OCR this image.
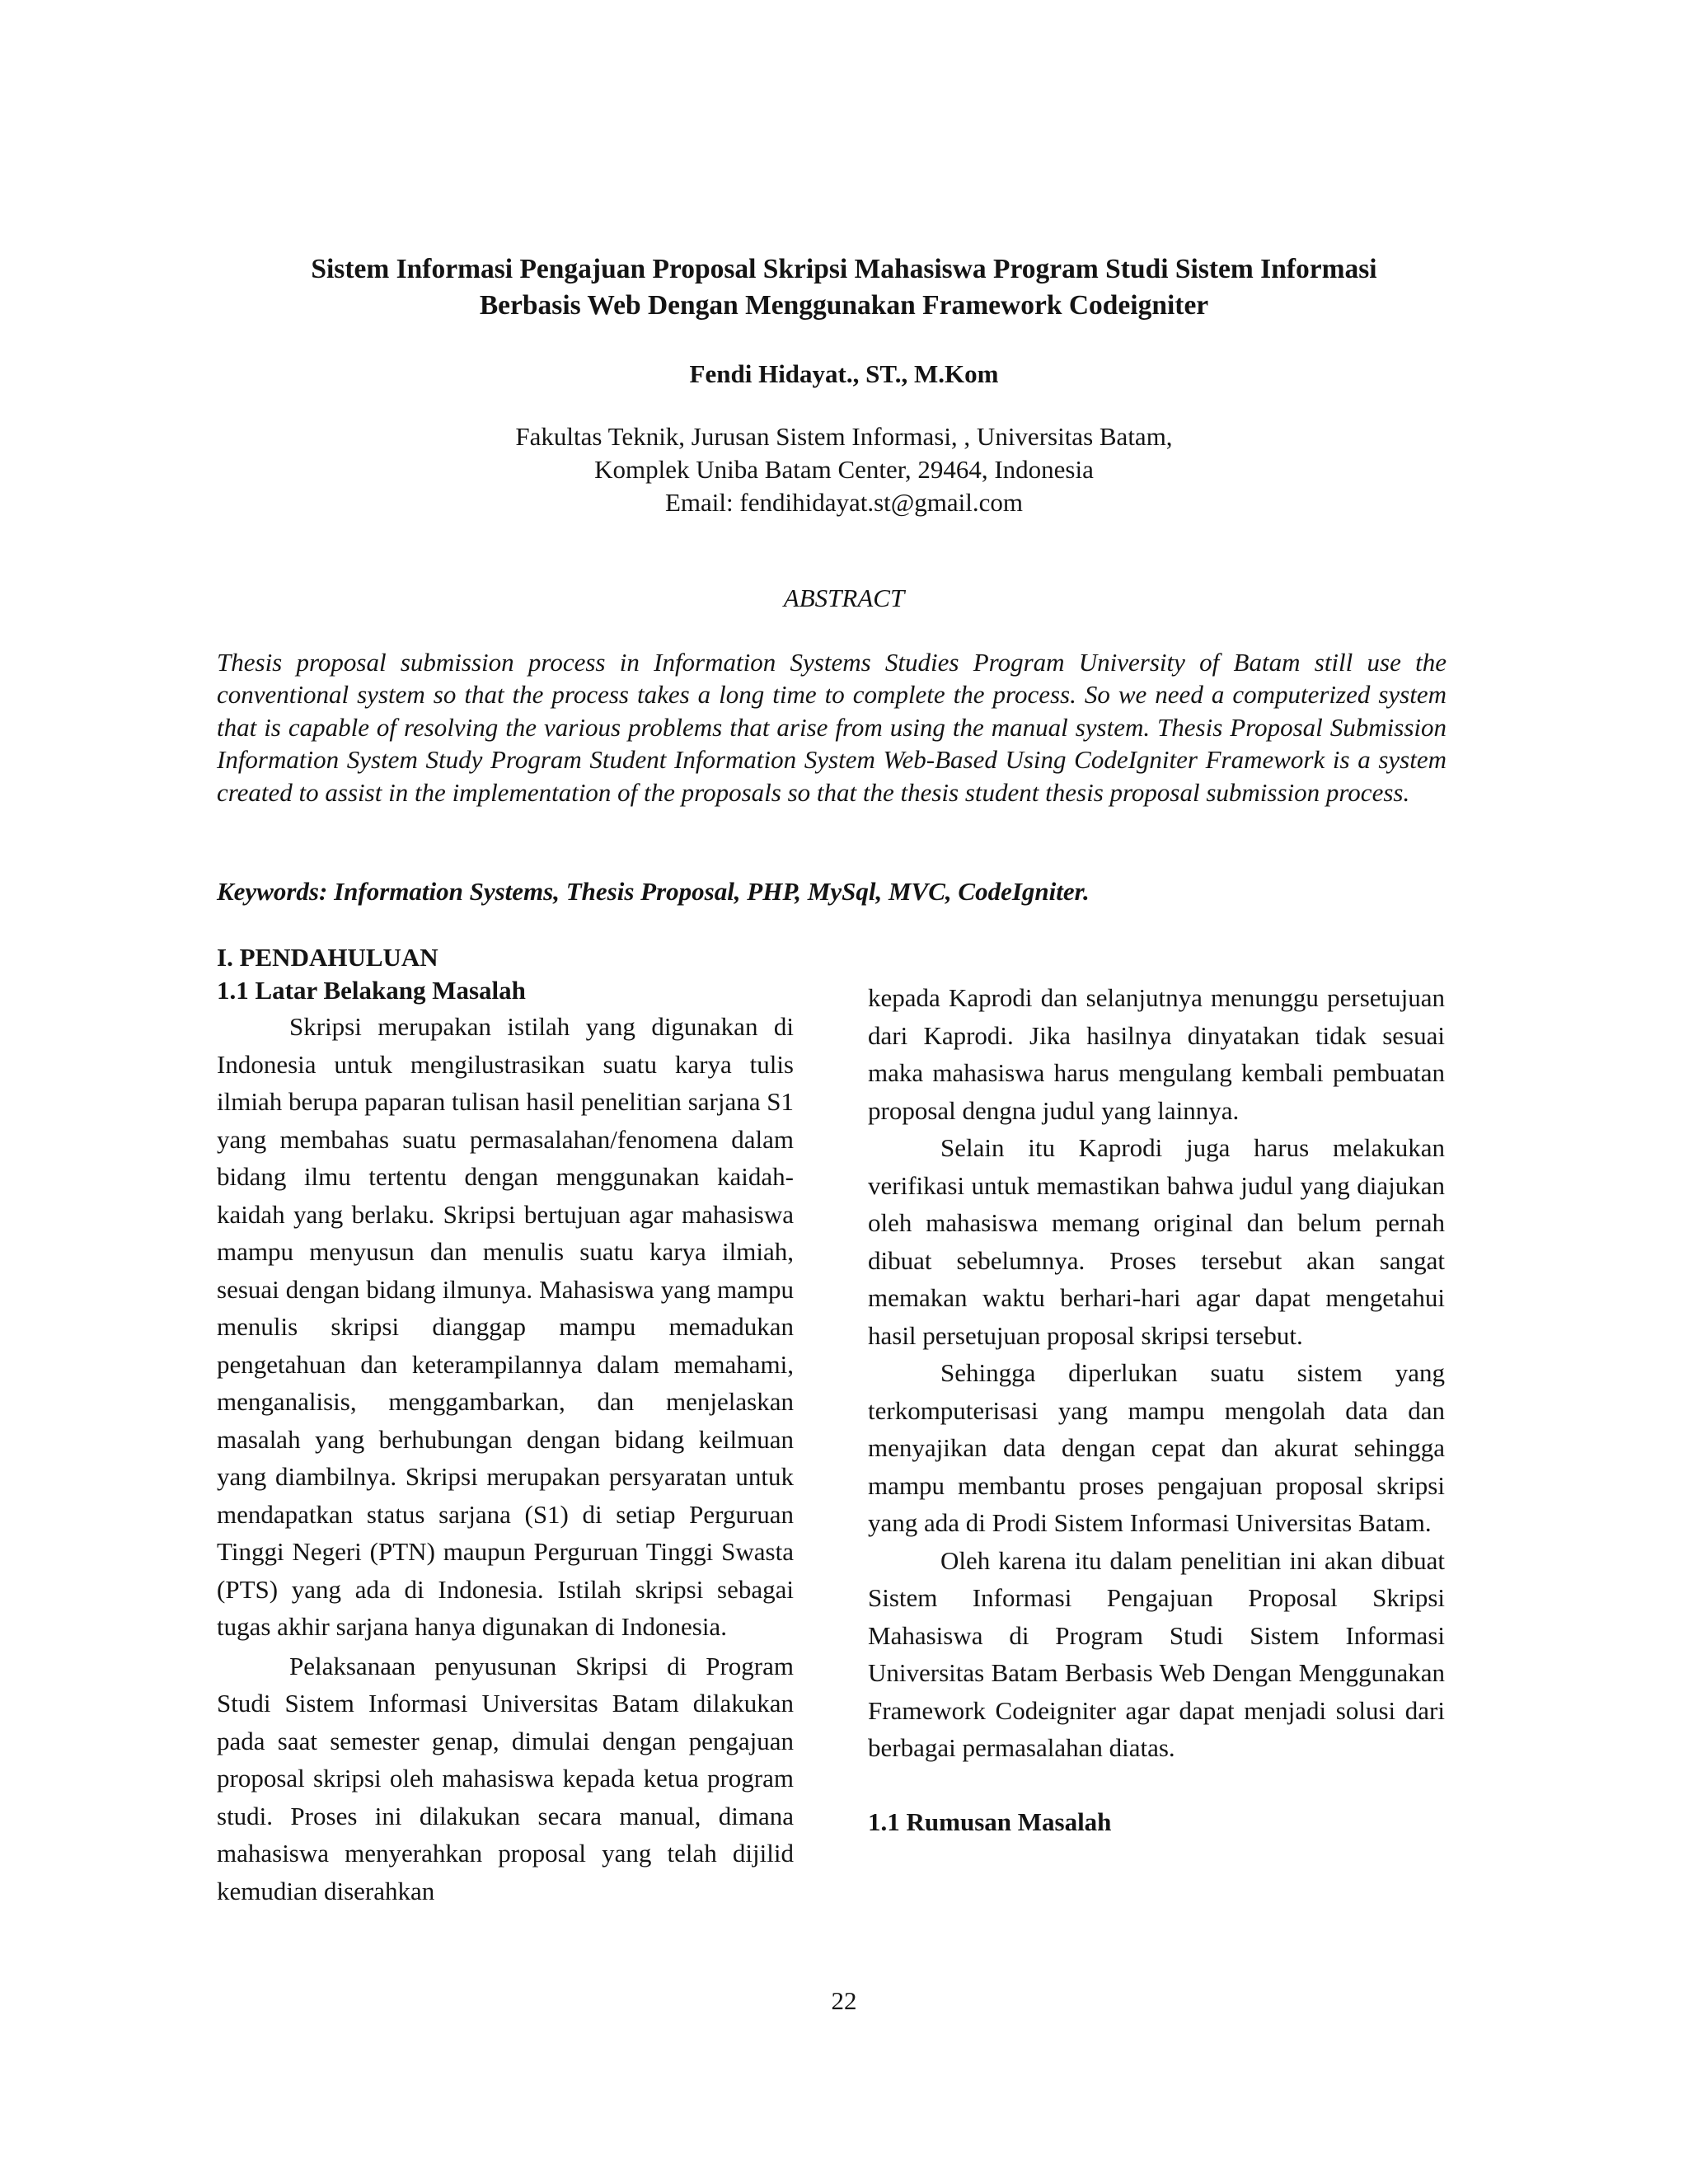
Sistem Informasi Pengajuan Proposal Skripsi Mahasiswa Program Studi Sistem Informasi
Berbasis Web Dengan Menggunakan Framework Codeigniter

Fendi Hidayat., ST., M.Kom

Fakultas Teknik, Jurusan Sistem Informasi, , Universitas Batam,
Komplek Uniba Batam Center, 29464, Indonesia
Email: fendihidayat.st@gmail.com

ABSTRACT

Thesis proposal submission process in Information Systems Studies Program University of Batam still use the conventional system so that the process takes a long time to complete the process. So we need a computerized system that is capable of resolving the various problems that arise from using the manual system. Thesis Proposal Submission Information System Study Program Student Information System Web-Based Using CodeIgniter Framework is a system created to assist in the implementation of the proposals so that the thesis student thesis proposal submission process.

Keywords: Information Systems, Thesis Proposal, PHP, MySql, MVC, CodeIgniter.

I. PENDAHULUAN

1.1 Latar Belakang Masalah

Skripsi merupakan istilah yang digunakan di Indonesia untuk mengilustrasikan suatu karya tulis ilmiah berupa paparan tulisan hasil penelitian sarjana S1 yang membahas suatu permasalahan/fenomena dalam bidang ilmu tertentu dengan menggunakan kaidah-kaidah yang berlaku. Skripsi bertujuan agar mahasiswa mampu menyusun dan menulis suatu karya ilmiah, sesuai dengan bidang ilmunya. Mahasiswa yang mampu menulis skripsi dianggap mampu memadukan pengetahuan dan keterampilannya dalam memahami, menganalisis, menggambarkan, dan menjelaskan masalah yang berhubungan dengan bidang keilmuan yang diambilnya. Skripsi merupakan persyaratan untuk mendapatkan status sarjana (S1) di setiap Perguruan Tinggi Negeri (PTN) maupun Perguruan Tinggi Swasta (PTS) yang ada di Indonesia. Istilah skripsi sebagai tugas akhir sarjana hanya digunakan di Indonesia.

Pelaksanaan penyusunan Skripsi di Program Studi Sistem Informasi Universitas Batam dilakukan pada saat semester genap, dimulai dengan pengajuan proposal skripsi oleh mahasiswa kepada ketua program studi. Proses ini dilakukan secara manual, dimana mahasiswa menyerahkan proposal yang telah dijilid kemudian diserahkan

kepada Kaprodi dan selanjutnya menunggu persetujuan dari Kaprodi. Jika hasilnya dinyatakan tidak sesuai maka mahasiswa harus mengulang kembali pembuatan proposal dengna judul yang lainnya.

Selain itu Kaprodi juga harus melakukan verifikasi untuk memastikan bahwa judul yang diajukan oleh mahasiswa memang original dan belum pernah dibuat sebelumnya. Proses tersebut akan sangat memakan waktu berhari-hari agar dapat mengetahui hasil persetujuan proposal skripsi tersebut.

Sehingga diperlukan suatu sistem yang terkomputerisasi yang mampu mengolah data dan menyajikan data dengan cepat dan akurat sehingga mampu membantu proses pengajuan proposal skripsi yang ada di Prodi Sistem Informasi Universitas Batam.

Oleh karena itu dalam penelitian ini akan dibuat Sistem Informasi Pengajuan Proposal Skripsi Mahasiswa di Program Studi Sistem Informasi Universitas Batam Berbasis Web Dengan Menggunakan Framework Codeigniter agar dapat menjadi solusi dari berbagai permasalahan diatas.

1.1 Rumusan Masalah

22
